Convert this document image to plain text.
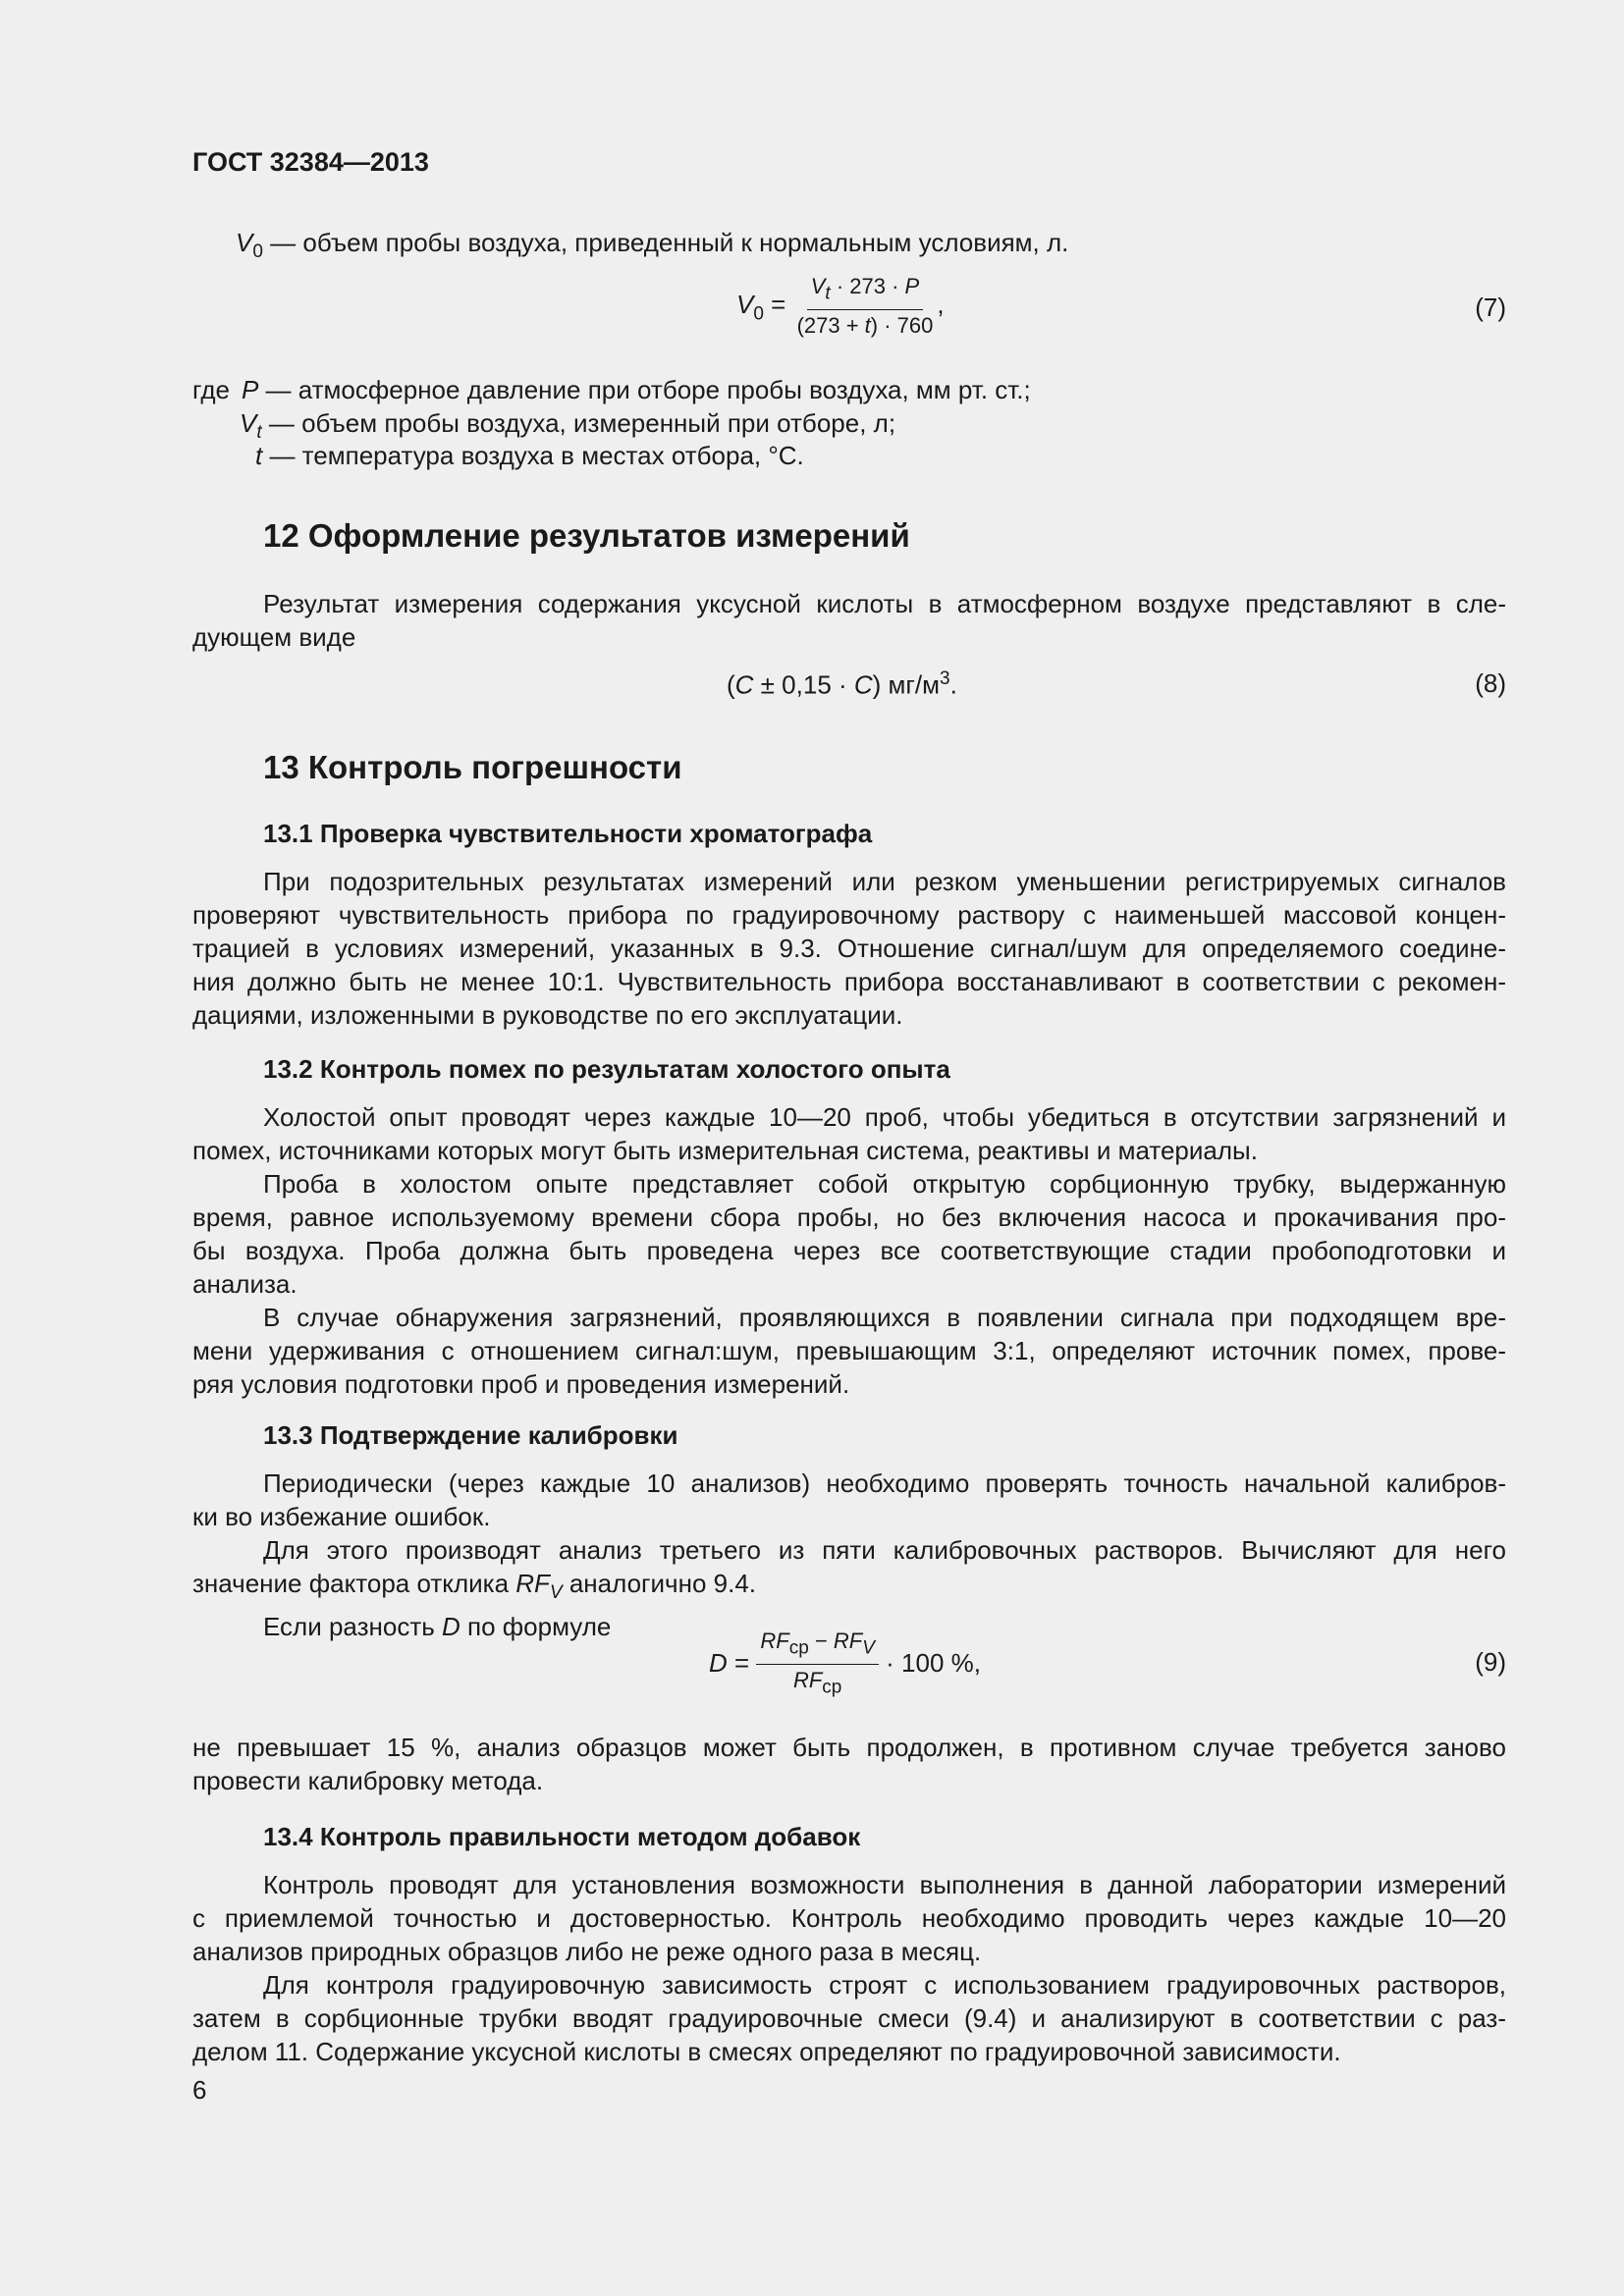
ГОСТ 32384—2013
$V_0$ — объем пробы воздуха, приведенный к нормальным условиям, л.
$V_0 = \frac{V_t \cdot 273 \cdot P}{(273 + t) \cdot 760}$ ,	(7)
где P — атмосферное давление при отборе пробы воздуха, мм рт. ст.;
$V_t$ — объем пробы воздуха, измеренный при отборе, л;
t — температура воздуха в местах отбора, °С.
12 Оформление результатов измерений
Результат измерения содержания уксусной кислоты в атмосферном воздухе представляют в сле-
дующем виде
(C ± 0,15 · C) $мг/м^3$.	(8)
13 Контроль погрешности
13.1 Проверка чувствительности хроматографа
При подозрительных результатах измерений или резком уменьшении регистрируемых сигналов
проверяют чувствительность прибора по градуировочному раствору с наименьшей массовой концен-
трацией в условиях измерений, указанных в 9.3. Отношение сигнал/шум для определяемого соедине-
ния должно быть не менее 10:1. Чувствительность прибора восстанавливают в соответствии с рекомен-
дациями, изложенными в руководстве по его эксплуатации.
13.2 Контроль помех по результатам холостого опыта
Холостой опыт проводят через каждые 10—20 проб, чтобы убедиться в отсутствии загрязнений и
помех, источниками которых могут быть измерительная система, реактивы и материалы.
Проба в холостом опыте представляет собой открытую сорбционную трубку, выдержанную
время, равное используемому времени сбора пробы, но без включения насоса и прокачивания про-
бы воздуха. Проба должна быть проведена через все соответствующие стадии пробоподготовки и
анализа.
В случае обнаружения загрязнений, проявляющихся в появлении сигнала при подходящем вре-
мени удерживания с отношением сигнал:шум, превышающим 3:1, определяют источник помех, прове-
ряя условия подготовки проб и проведения измерений.
13.3 Подтверждение калибровки
Периодически (через каждые 10 анализов) необходимо проверять точность начальной калибров-
ки во избежание ошибок.
Для этого производят анализ третьего из пяти калибровочных растворов. Вычисляют для него
значение фактора отклика $RF_V$ аналогично 9.4.
Если разность D по формуле
$D = \frac{RF_{ср} - RF_V}{RF_{ср}} \cdot 100$ %,	(9)
не превышает 15 %, анализ образцов может быть продолжен, в противном случае требуется заново
провести калибровку метода.
13.4 Контроль правильности методом добавок
Контроль проводят для установления возможности выполнения в данной лаборатории измерений
с приемлемой точностью и достоверностью. Контроль необходимо проводить через каждые 10—20
анализов природных образцов либо не реже одного раза в месяц.
Для контроля градуировочную зависимость строят с использованием градуировочных растворов,
затем в сорбционные трубки вводят градуировочные смеси (9.4) и анализируют в соответствии с раз-
делом 11. Содержание уксусной кислоты в смесях определяют по градуировочной зависимости.
6
